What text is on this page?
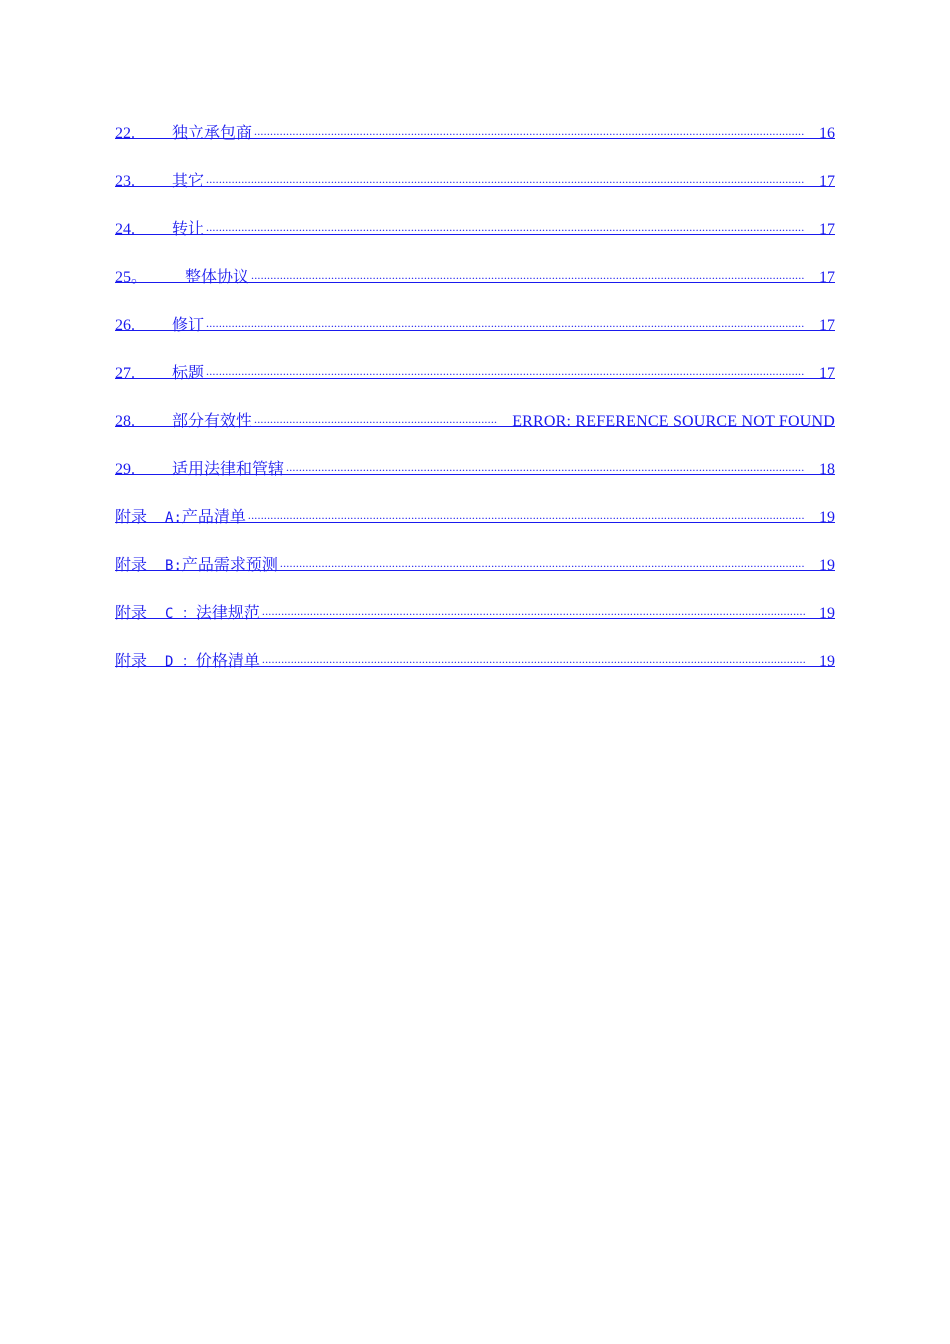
22.	独立承包商 .....	16
23.	其它 .....	17
24.	转让 .....	17
25。	整体协议 .....	17
26.	修订 .....	17
27.	标题 .....	17
28.	部分有效性 .....	ERROR: REFERENCE SOURCE NOT FOUND
29.	适用法律和管辖 .....	18
附录	A: 产品清单 .....	19
附录	B: 产品需求预测 .....	19
附录	C ： 法律规范 .....	19
附录	D ： 价格清单 .....	19
